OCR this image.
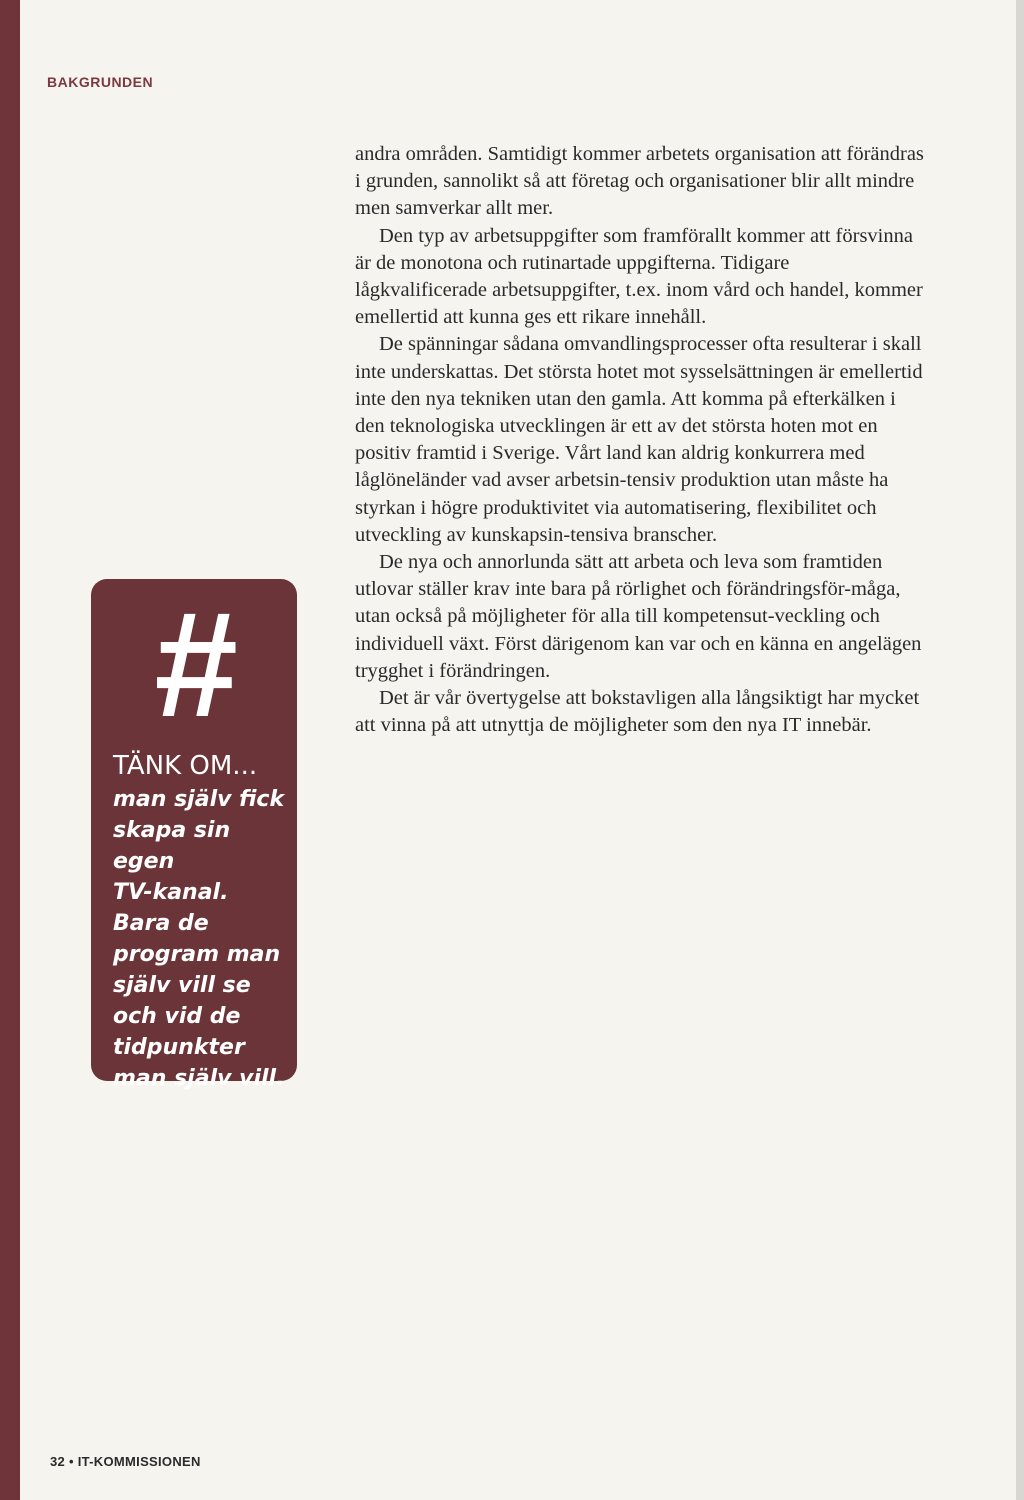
BAKGRUNDEN

andra områden. Samtidigt kommer arbetets organisation att förändras i grunden, sannolikt så att företag och organisationer blir allt mindre men samverkar allt mer.

Den typ av arbetsuppgifter som framförallt kommer att försvinna är de monotona och rutinartade uppgifterna. Tidigare lågkvalificerade arbetsuppgifter, t.ex. inom vård och handel, kommer emellertid att kunna ges ett rikare innehåll.

De spänningar sådana omvandlingsprocesser ofta resulterar i skall inte underskattas. Det största hotet mot sysselsättningen är emellertid inte den nya tekniken utan den gamla. Att komma på efterkälken i den teknologiska utvecklingen är ett av det största hoten mot en positiv framtid i Sverige. Vårt land kan aldrig konkurrera med låglöneländer vad avser arbetsin-tensiv produktion utan måste ha styrkan i högre produktivitet via automatisering, flexibilitet och utveckling av kunskapsin-tensiva branscher.

De nya och annorlunda sätt att arbeta och leva som framtiden utlovar ställer krav inte bara på rörlighet och förändringsför-måga, utan också på möjligheter för alla till kompetensut-veckling och individuell växt. Först därigenom kan var och en känna en angelägen trygghet i förändringen.

Det är vår övertygelse att bokstavligen alla långsiktigt har mycket att vinna på att utnyttja de möjligheter som den nya IT innebär.

#
TÄNK OM...
man själv fick
skapa sin egen
TV-kanal.
Bara de
program man
själv vill se
och vid de
tidpunkter
man själv vill.
32 • IT-KOMMISSIONEN
